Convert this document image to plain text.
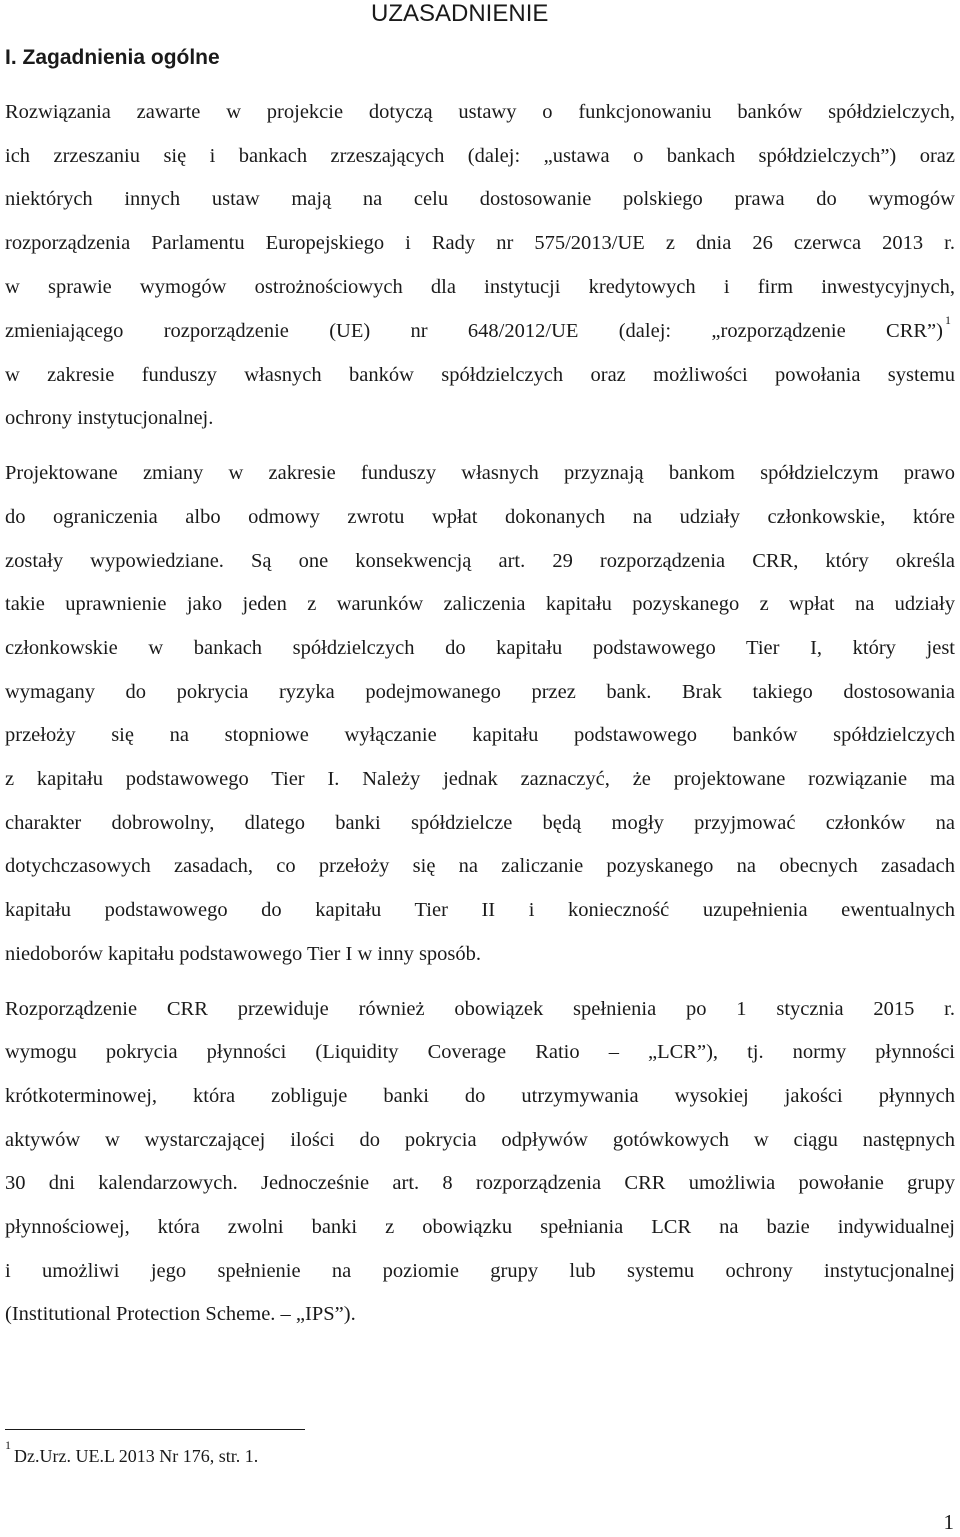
UZASADNIENIE
I. Zagadnienia ogólne
Rozwiązania zawarte w projekcie dotyczą ustawy o funkcjonowaniu banków spółdzielczych,
ich zrzeszaniu się i bankach zrzeszających (dalej: „ustawa o bankach spółdzielczych”) oraz
niektórych innych ustaw mają na celu dostosowanie polskiego prawa do wymogów
rozporządzenia Parlamentu Europejskiego i Rady nr 575/2013/UE z dnia 26 czerwca 2013 r.
w sprawie wymogów ostrożnościowych dla instytucji kredytowych i firm inwestycyjnych,
zmieniającego rozporządzenie (UE) nr 648/2012/UE (dalej: „rozporządzenie CRR”) 1
w zakresie funduszy własnych banków spółdzielczych oraz możliwości powołania systemu
ochrony instytucjonalnej.
Projektowane zmiany w zakresie funduszy własnych przyznają bankom spółdzielczym prawo
do ograniczenia albo odmowy zwrotu wpłat dokonanych na udziały członkowskie, które
zostały wypowiedziane. Są one konsekwencją art. 29 rozporządzenia CRR, który określa
takie uprawnienie jako jeden z warunków zaliczenia kapitału pozyskanego z wpłat na udziały
członkowskie w bankach spółdzielczych do kapitału podstawowego Tier I, który jest
wymagany do pokrycia ryzyka podejmowanego przez bank. Brak takiego dostosowania
przełoży się na stopniowe wyłączanie kapitału podstawowego banków spółdzielczych
z kapitału podstawowego Tier I. Należy jednak zaznaczyć, że projektowane rozwiązanie ma
charakter dobrowolny, dlatego banki spółdzielcze będą mogły przyjmować członków na
dotychczasowych zasadach, co przełoży się na zaliczanie pozyskanego na obecnych zasadach
kapitału podstawowego do kapitału Tier II i konieczność uzupełnienia ewentualnych
niedoborów kapitału podstawowego Tier I w inny sposób.
Rozporządzenie CRR przewiduje również obowiązek spełnienia po 1 stycznia 2015 r.
wymogu pokrycia płynności (Liquidity Coverage Ratio – „LCR”), tj. normy płynności
krótkoterminowej, która zobliguje banki do utrzymywania wysokiej jakości płynnych
aktywów w wystarczającej ilości do pokrycia odpływów gotówkowych w ciągu następnych
30 dni kalendarzowych. Jednocześnie art. 8 rozporządzenia CRR umożliwia powołanie grupy
płynnościowej, która zwolni banki z obowiązku spełniania LCR na bazie indywidualnej
i umożliwi jego spełnienie na poziomie grupy lub systemu ochrony instytucjonalnej
(Institutional Protection Scheme. – „IPS”).
1
Dz.Urz. UE.L 2013 Nr 176, str. 1.
1
